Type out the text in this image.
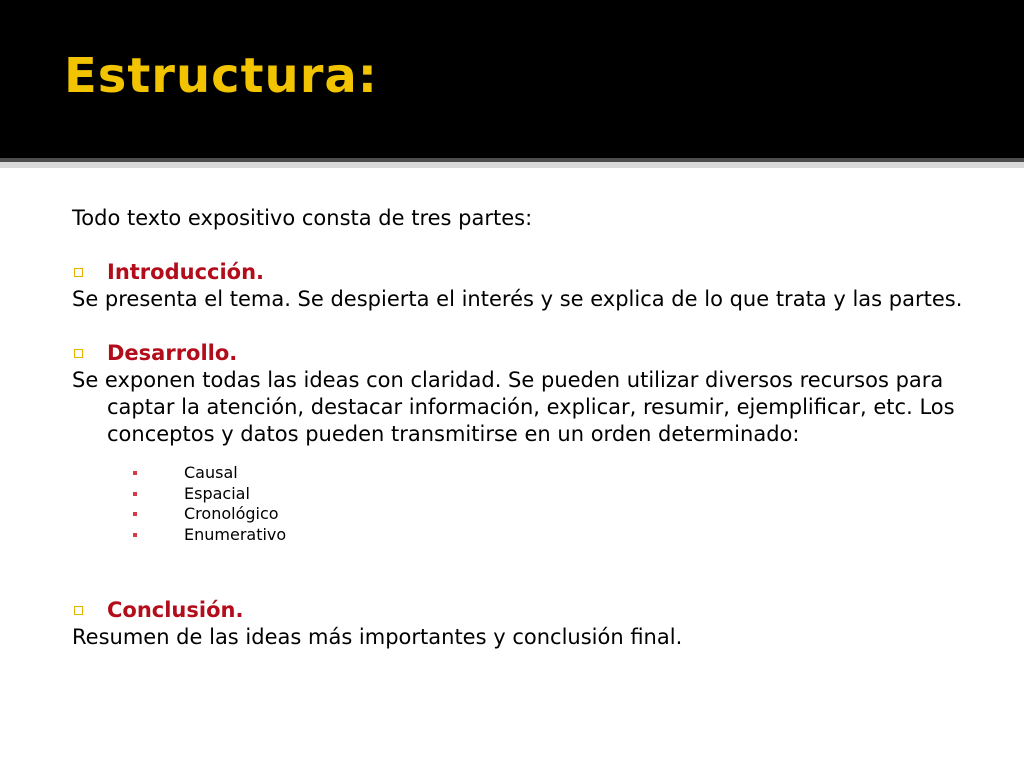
Estructura:

Todo texto expositivo consta de tres partes:

Introducción.

Se presenta el tema. Se despierta el interés y se explica de lo que trata y las partes.

Desarrollo.

Se exponen todas las ideas con claridad. Se pueden utilizar diversos recursos para captar la atención, destacar información, explicar, resumir, ejemplificar, etc. Los conceptos y datos pueden transmitirse en un orden determinado:

Causal
Espacial
Cronológico
Enumerativo

Conclusión.

Resumen de las ideas más importantes y conclusión final.
